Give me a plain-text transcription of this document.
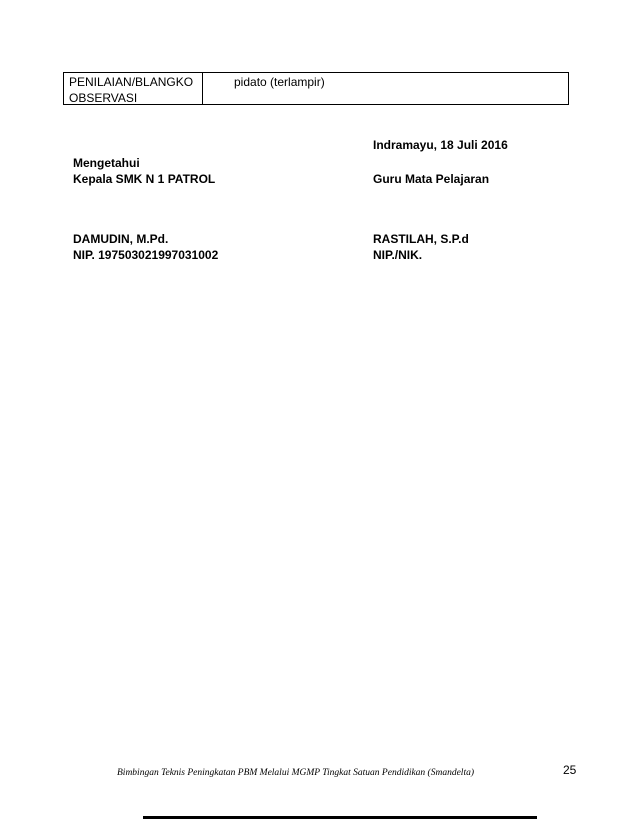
PENILAIAN/BLANGKO
OBSERVASI
pidato (terlampir)
Indramayu, 18 Juli 2016
Mengetahui
Kepala SMK N 1 PATROL	Guru Mata Pelajaran
DAMUDIN, M.Pd.
NIP. 197503021997031002
RASTILAH, S.P.d
NIP./NIK.
Bimbingan Teknis Peningkatan PBM Melalui MGMP Tingkat Satuan Pendidikan (Smandelta)	25
